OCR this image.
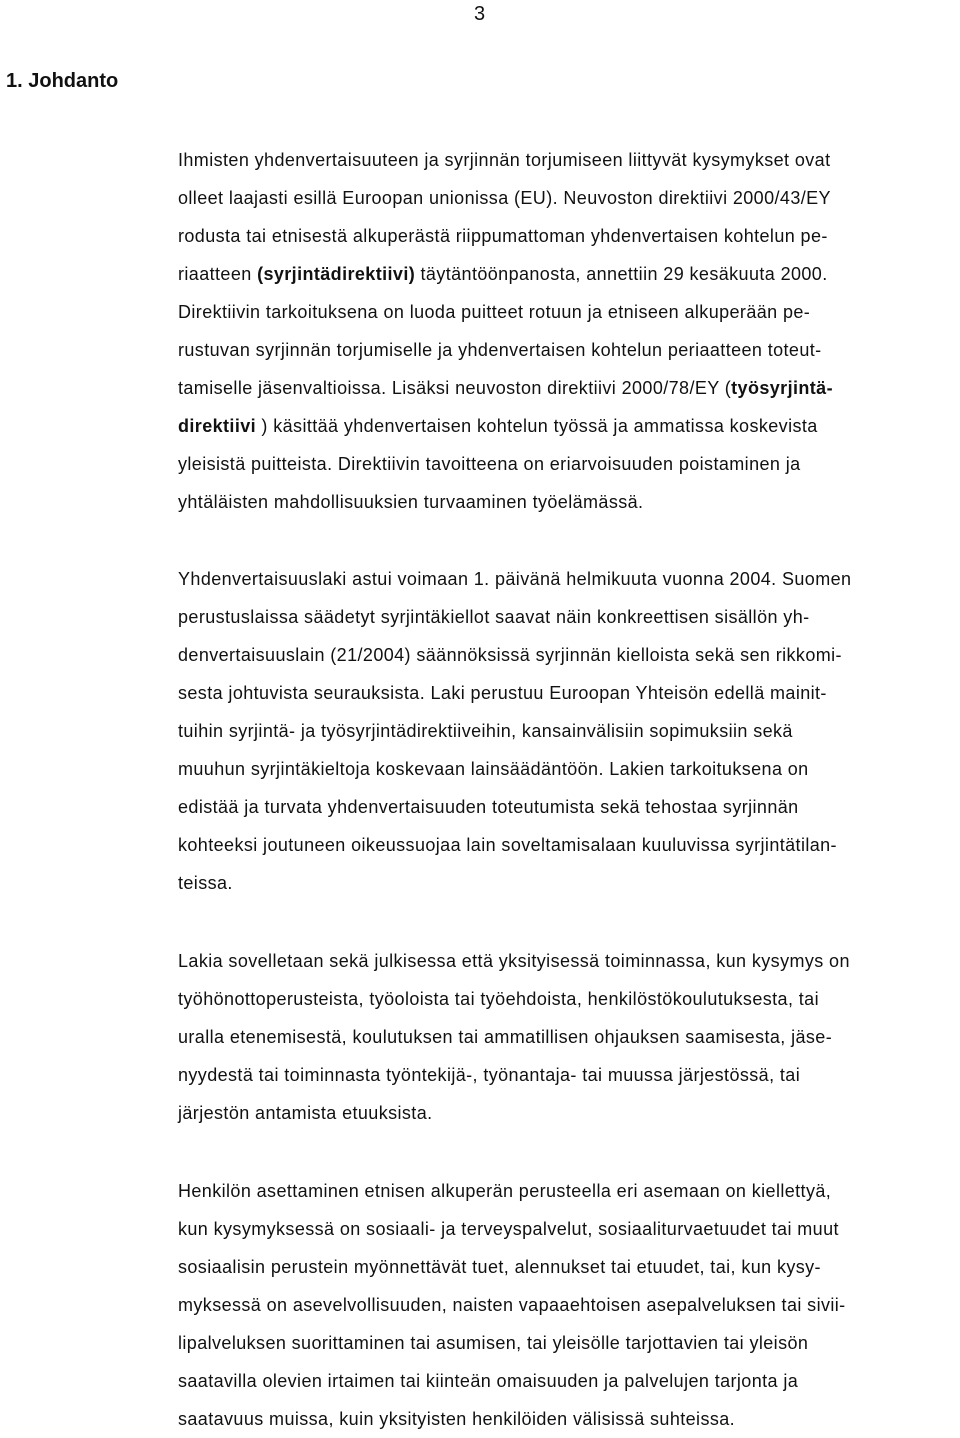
3
1. Johdanto
Ihmisten yhdenvertaisuuteen ja syrjinnän torjumiseen liittyvät kysymykset ovat
olleet laajasti esillä Euroopan unionissa (EU). Neuvoston direktiivi 2000/43/EY
rodusta tai etnisestä alkuperästä riippumattoman yhdenvertaisen kohtelun pe-
riaatteen (syrjintädirektiivi) täytäntöönpanosta, annettiin 29 kesäkuuta 2000.
Direktiivin tarkoituksena on luoda puitteet rotuun ja etniseen alkuperään pe-
rustuvan syrjinnän torjumiselle ja yhdenvertaisen kohtelun periaatteen toteut-
tamiselle jäsenvaltioissa. Lisäksi neuvoston direktiivi 2000/78/EY (työsyrjintä-
direktiivi ) käsittää yhdenvertaisen kohtelun työssä ja ammatissa koskevista
yleisistä puitteista. Direktiivin tavoitteena on eriarvoisuuden poistaminen ja
yhtäläisten mahdollisuuksien turvaaminen työelämässä.
Yhdenvertaisuuslaki astui voimaan 1. päivänä helmikuuta vuonna 2004. Suomen
perustuslaissa säädetyt syrjintäkiellot saavat näin konkreettisen sisällön yh-
denvertaisuuslain (21/2004) säännöksissä syrjinnän kielloista sekä sen rikkomi-
sesta johtuvista seurauksista. Laki perustuu Euroopan Yhteisön edellä mainit-
tuihin syrjintä- ja työsyrjintädirektiiveihin, kansainvälisiin sopimuksiin sekä
muuhun syrjintäkieltoja koskevaan lainsäädäntöön. Lakien tarkoituksena on
edistää ja turvata yhdenvertaisuuden toteutumista sekä tehostaa syrjinnän
kohteeksi joutuneen oikeussuojaa lain soveltamisalaan kuuluvissa syrjintätilan-
teissa.
Lakia sovelletaan sekä julkisessa että yksityisessä toiminnassa, kun kysymys on
työhönottoperusteista, työoloista tai työehdoista, henkilöstökoulutuksesta, tai
uralla etenemisestä, koulutuksen tai ammatillisen ohjauksen saamisesta, jäse-
nyydestä tai toiminnasta työntekijä-, työnantaja- tai muussa järjestössä, tai
järjestön antamista etuuksista.
Henkilön asettaminen etnisen alkuperän perusteella eri asemaan on kiellettyä,
kun kysymyksessä on sosiaali- ja terveyspalvelut, sosiaaliturvaetuudet tai muut
sosiaalisin perustein myönnettävät tuet, alennukset tai etuudet, tai, kun kysy-
myksessä on asevelvollisuuden, naisten vapaaehtoisen asepalveluksen tai sivii-
lipalveluksen suorittaminen tai asumisen, tai yleisölle tarjottavien tai yleisön
saatavilla olevien irtaimen tai kiinteän omaisuuden ja palvelujen tarjonta ja
saatavuus muissa, kuin yksityisten henkilöiden välisissä suhteissa.
